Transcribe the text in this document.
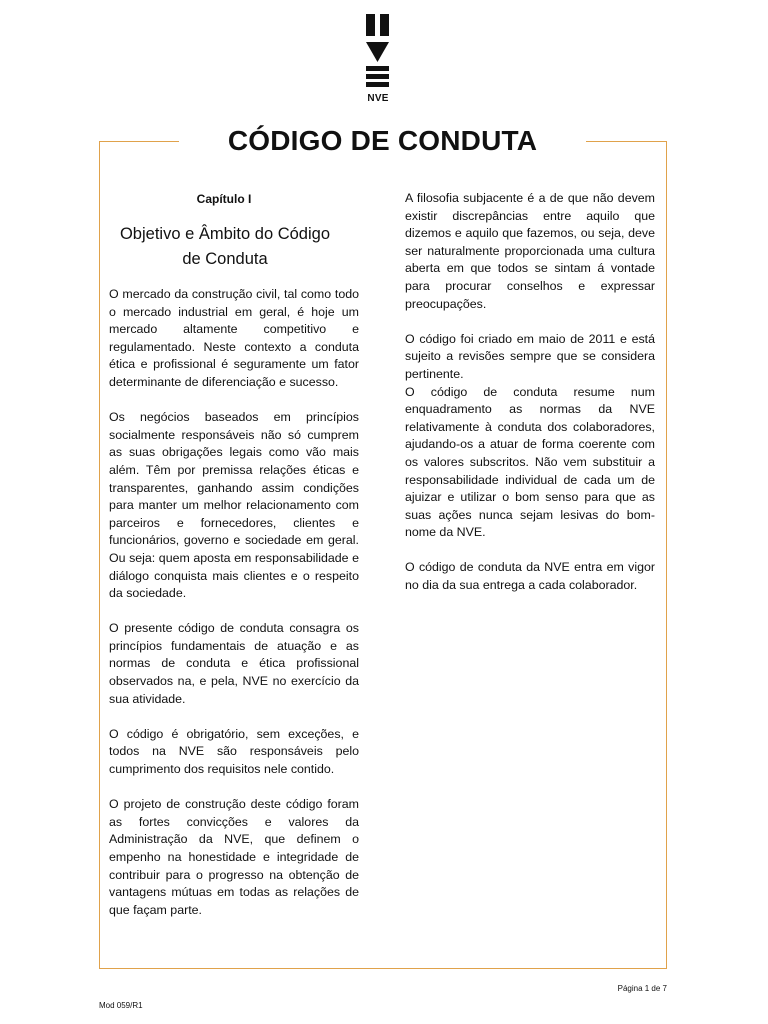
NVE
CÓDIGO DE CONDUTA
Capítulo I
Objetivo e Âmbito do Código
de Conduta

O mercado da construção civil, tal como todo o mercado industrial em geral, é hoje um mercado altamente competitivo e regulamentado. Neste contexto a conduta ética e profissional é seguramente um fator determinante de diferenciação e sucesso.

Os negócios baseados em princípios socialmente responsáveis não só cumprem as suas obrigações legais como vão mais além. Têm por premissa relações éticas e transparentes, ganhando assim condições para manter um melhor relacionamento com parceiros e fornecedores, clientes e funcionários, governo e sociedade em geral. Ou seja: quem aposta em responsabilidade e diálogo conquista mais clientes e o respeito da sociedade.

O presente código de conduta consagra os princípios fundamentais de atuação e as normas de conduta e ética profissional observados na, e pela, NVE no exercício da sua atividade.

O código é obrigatório, sem exceções, e todos na NVE são responsáveis pelo cumprimento dos requisitos nele contido.

O projeto de construção deste código foram as fortes convicções e valores da Administração da NVE, que definem o empenho na honestidade e integridade de contribuir para o progresso na obtenção de vantagens mútuas em todas as relações de que façam parte.

A filosofia subjacente é a de que não devem existir discrepâncias entre aquilo que dizemos e aquilo que fazemos, ou seja, deve ser naturalmente proporcionada uma cultura aberta em que todos se sintam á vontade para procurar conselhos e expressar preocupações.

O código foi criado em maio de 2011 e está sujeito a revisões sempre que se considera pertinente.

O código de conduta resume num enquadramento as normas da NVE relativamente à conduta dos colaboradores, ajudando-os a atuar de forma coerente com os valores subscritos. Não vem substituir a responsabilidade individual de cada um de ajuizar e utilizar o bom senso para que as suas ações nunca sejam lesivas do bom-nome da NVE.

O código de conduta da NVE entra em vigor no dia da sua entrega a cada colaborador.

Página 1 de 7
Mod 059/R1
